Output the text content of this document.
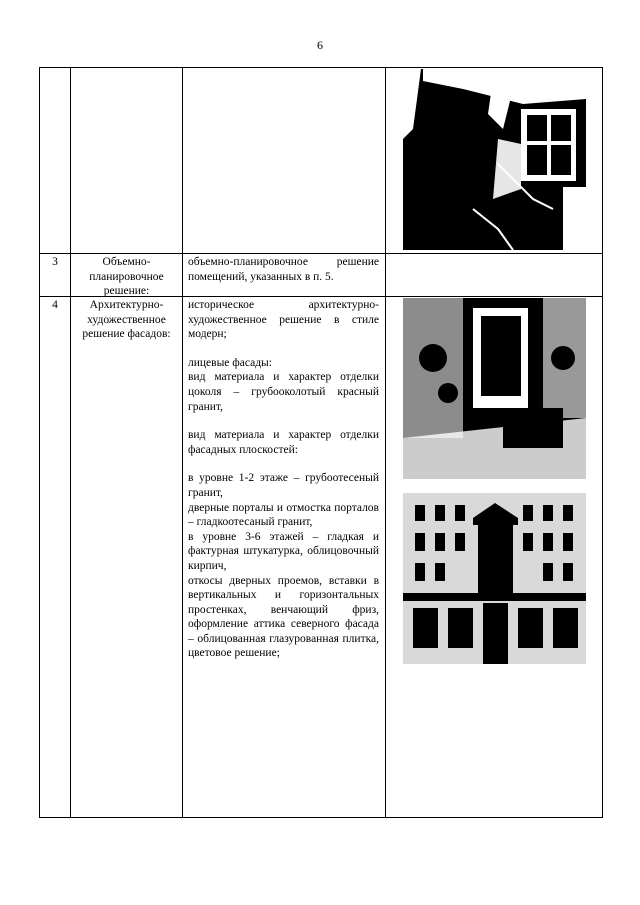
6
3	Объемно-
планировочное
решение:

объемно-планировочное решение помещений, указанных в п. 5.

4	Архитектурно-
художественное
решение фасадов:

историческое архитектурно-художественное решение в стиле модерн;

лицевые фасады:

вид материала и характер отделки цоколя – грубооколотый красный гранит,

вид материала и характер отделки фасадных плоскостей:

в уровне 1-2 этаже – грубоотесеный гранит,

дверные порталы и отмостка порталов – гладкоотесаный гранит,

в уровне 3-6 этажей – гладкая и фактурная штукатурка, облицовочный кирпич,

откосы дверных проемов, вставки в вертикальных и горизонтальных простенках, венчающий фриз, оформление аттика северного фасада – облицованная глазурованная плитка, цветовое решение;
